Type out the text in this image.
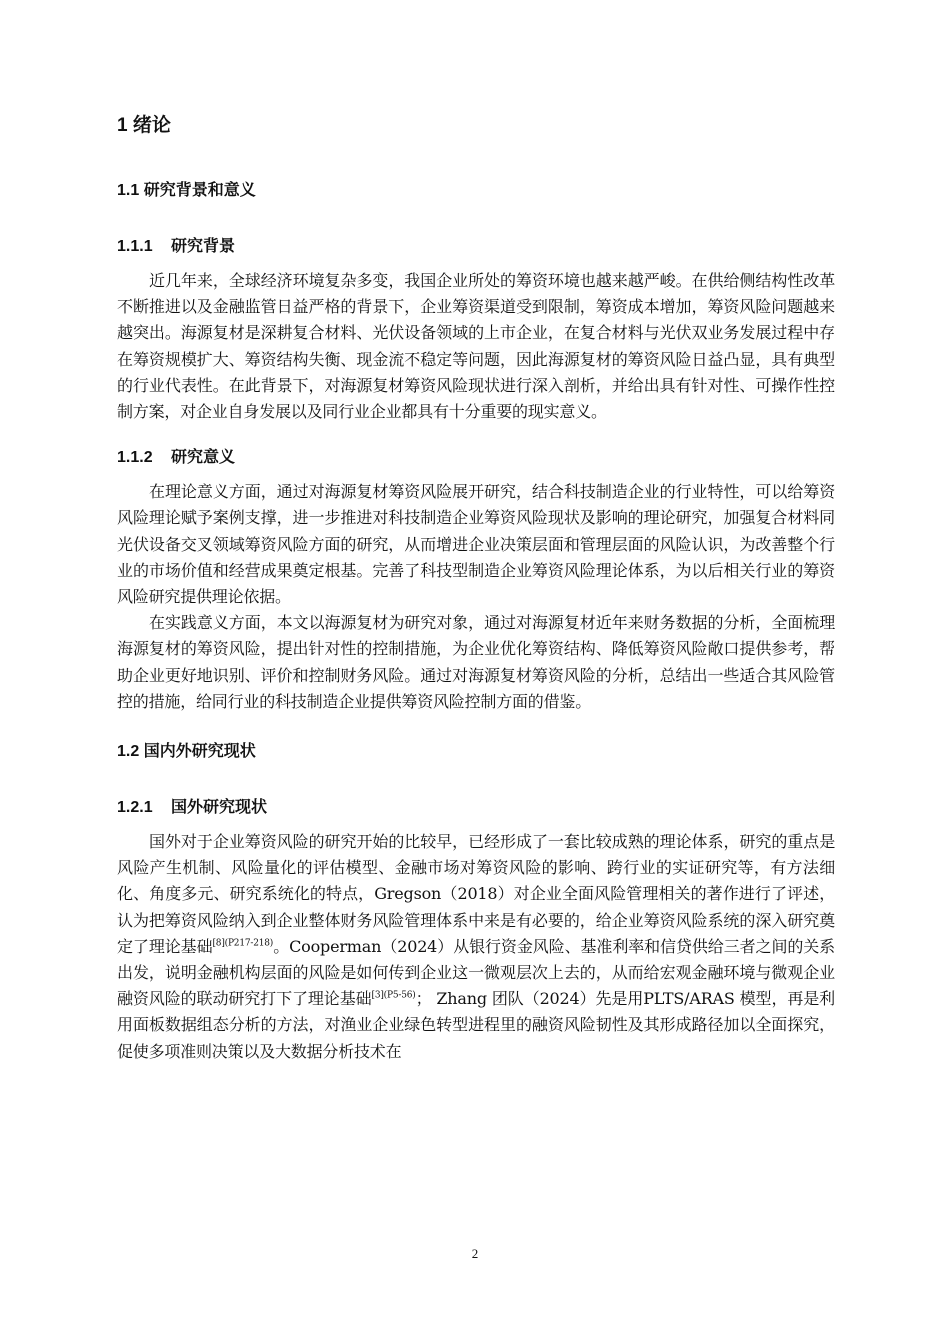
1 绪论
1.1 研究背景和意义
1.1.1 研究背景

近几年来，全球经济环境复杂多变，我国企业所处的筹资环境也越来越严峻。在供给侧结构性改革不断推进以及金融监管日益严格的背景下，企业筹资渠道受到限制，筹资成本增加，筹资风险问题越来越突出。海源复材是深耕复合材料、光伏设备领域的上市企业，在复合材料与光伏双业务发展过程中存在筹资规模扩大、筹资结构失衡、现金流不稳定等问题，因此海源复材的筹资风险日益凸显，具有典型的行业代表性。在此背景下，对海源复材筹资风险现状进行深入剖析，并给出具有针对性、可操作性控制方案，对企业自身发展以及同行业企业都具有十分重要的现实意义。

1.1.2 研究意义

在理论意义方面，通过对海源复材筹资风险展开研究，结合科技制造企业的行业特性，可以给筹资风险理论赋予案例支撑，进一步推进对科技制造企业筹资风险现状及影响的理论研究，加强复合材料同光伏设备交叉领域筹资风险方面的研究，从而增进企业决策层面和管理层面的风险认识，为改善整个行业的市场价值和经营成果奠定根基。完善了科技型制造企业筹资风险理论体系，为以后相关行业的筹资风险研究提供理论依据。

在实践意义方面，本文以海源复材为研究对象，通过对海源复材近年来财务数据的分析，全面梳理海源复材的筹资风险，提出针对性的控制措施，为企业优化筹资结构、降低筹资风险敞口提供参考，帮助企业更好地识别、评价和控制财务风险。通过对海源复材筹资风险的分析，总结出一些适合其风险管控的措施，给同行业的科技制造企业提供筹资风险控制方面的借鉴。

1.2 国内外研究现状
1.2.1 国外研究现状

国外对于企业筹资风险的研究开始的比较早，已经形成了一套比较成熟的理论体系，研究的重点是风险产生机制、风险量化的评估模型、金融市场对筹资风险的影响、跨行业的实证研究等，有方法细化、角度多元、研究系统化的特点，Gregson（2018）对企业全面风险管理相关的著作进行了评述，认为把筹资风险纳入到企业整体财务风险管理体系中来是有必要的，给企业筹资风险系统的深入研究奠定了理论基础$^{[8](P217-218)}$。Cooperman（2024）从银行资金风险、基准利率和信贷供给三者之间的关系出发，说明金融机构层面的风险是如何传到企业这一微观层次上去的，从而给宏观金融环境与微观企业融资风险的联动研究打下了理论基础$^{[3](P5-56)}$； Zhang 团队（2024）先是用PLTS/ARAS 模型，再是利用面板数据组态分析的方法，对渔业企业绿色转型进程里的融资风险韧性及其形成路径加以全面探究，促使多项准则决策以及大数据分析技术在

2
